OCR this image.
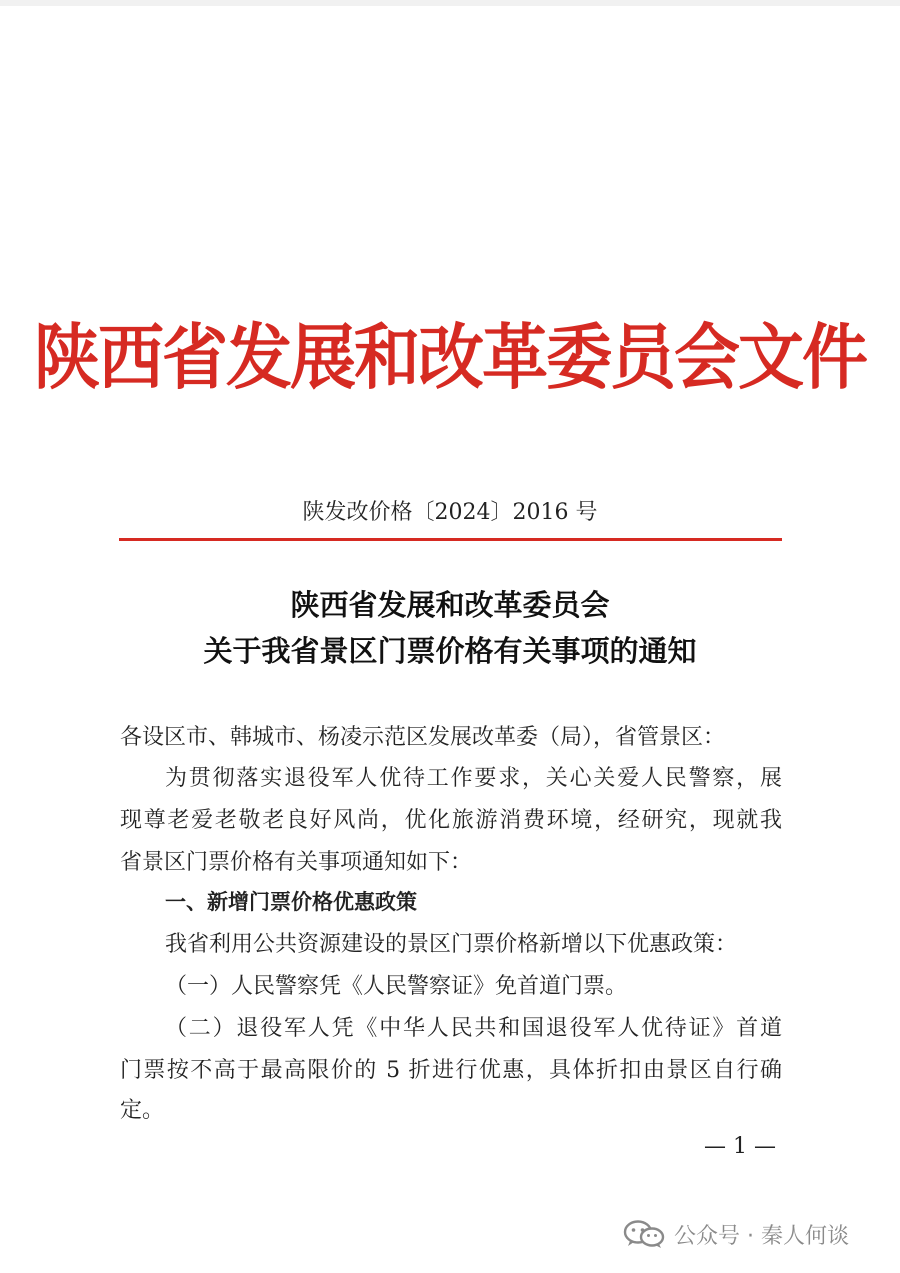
陕西省发展和改革委员会文件
陕发改价格〔2024〕2016 号
陕西省发展和改革委员会
关于我省景区门票价格有关事项的通知
各设区市、韩城市、杨凌示范区发展改革委（局），省管景区：
为贯彻落实退役军人优待工作要求，关心关爱人民警察，展
现尊老爱老敬老良好风尚，优化旅游消费环境，经研究，现就我
省景区门票价格有关事项通知如下：
一、新增门票价格优惠政策
我省利用公共资源建设的景区门票价格新增以下优惠政策：
（一）人民警察凭《人民警察证》免首道门票。
（二）退役军人凭《中华人民共和国退役军人优待证》首道
门票按不高于最高限价的 5 折进行优惠，具体折扣由景区自行确
定。
— 1 —
公众号 · 秦人何谈
